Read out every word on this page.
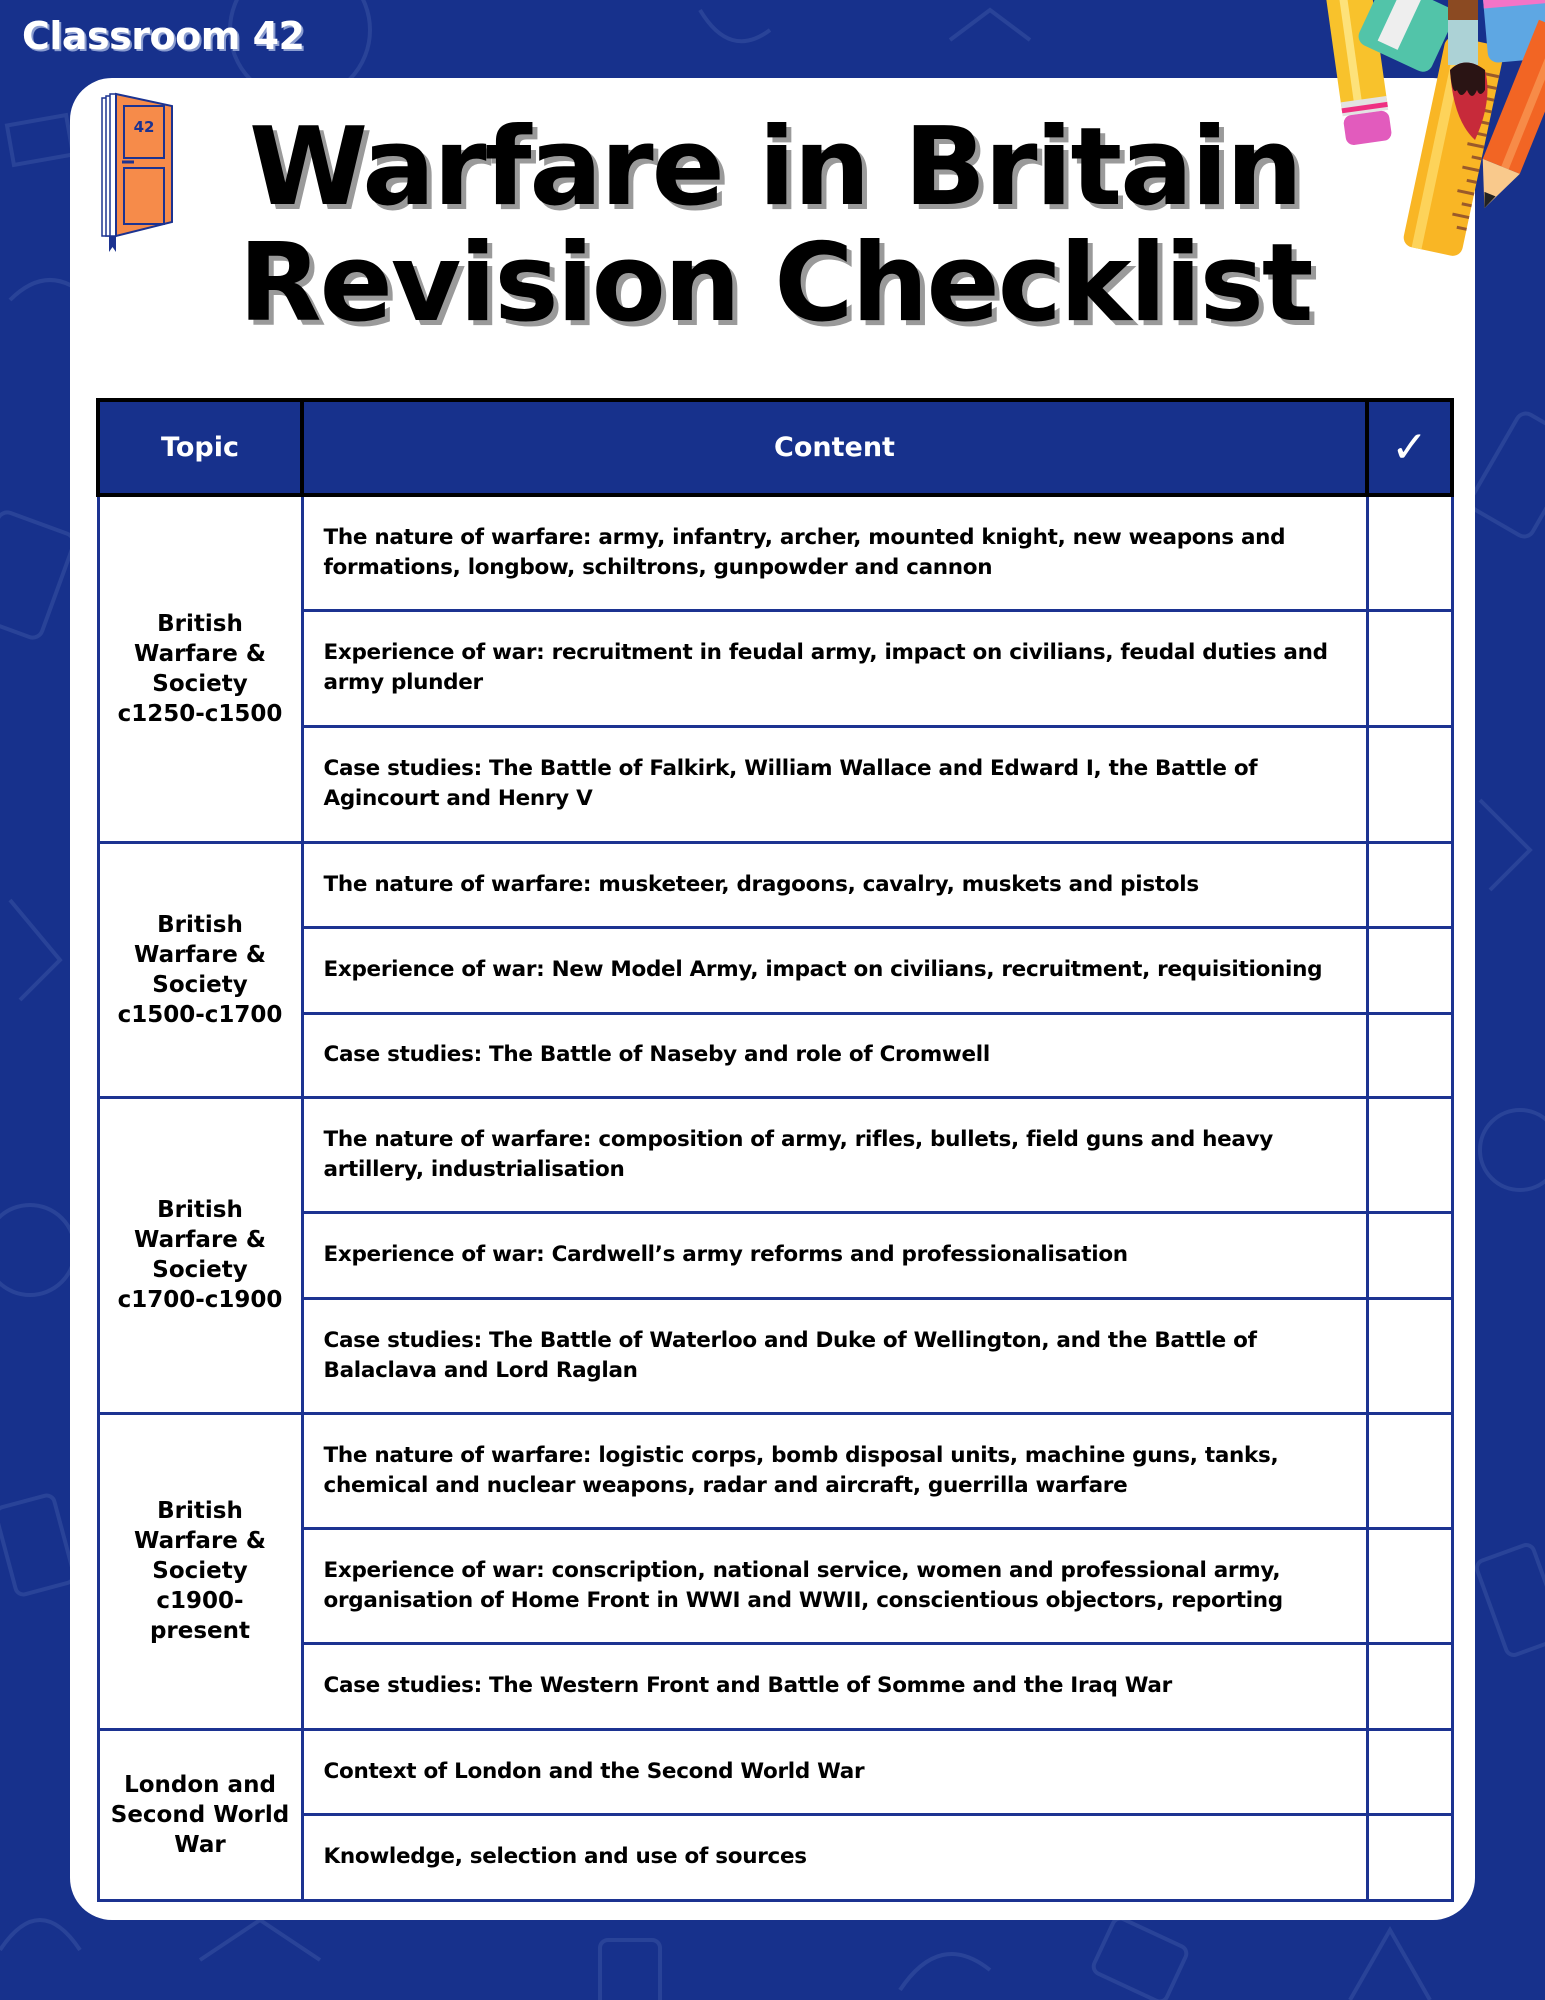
Classroom 42
42 Warfare in Britain
Revision Checklist
Topic	Content	✓
British Warfare & Society c1250-c1500	The nature of warfare: army, infantry, archer, mounted knight, new weapons and formations, longbow, schiltrons, gunpowder and cannon	
	Experience of war: recruitment in feudal army, impact on civilians, feudal duties and army plunder	
	Case studies: The Battle of Falkirk, William Wallace and Edward I, the Battle of Agincourt and Henry V	
British Warfare & Society c1500-c1700	The nature of warfare: musketeer, dragoons, cavalry, muskets and pistols	
	Experience of war: New Model Army, impact on civilians, recruitment, requisitioning	
	Case studies: The Battle of Naseby and role of Cromwell	
British Warfare & Society c1700-c1900	The nature of warfare: composition of army, rifles, bullets, field guns and heavy artillery, industrialisation	
	Experience of war: Cardwell’s army reforms and professionalisation	
	Case studies: The Battle of Waterloo and Duke of Wellington, and the Battle of Balaclava and Lord Raglan	
British Warfare & Society c1900-present	The nature of warfare: logistic corps, bomb disposal units, machine guns, tanks, chemical and nuclear weapons, radar and aircraft, guerrilla warfare	
	Experience of war: conscription, national service, women and professional army, organisation of Home Front in WWI and WWII, conscientious objectors, reporting	
	Case studies: The Western Front and Battle of Somme and the Iraq War	
London and Second World War	Context of London and the Second World War	
	Knowledge, selection and use of sources	
